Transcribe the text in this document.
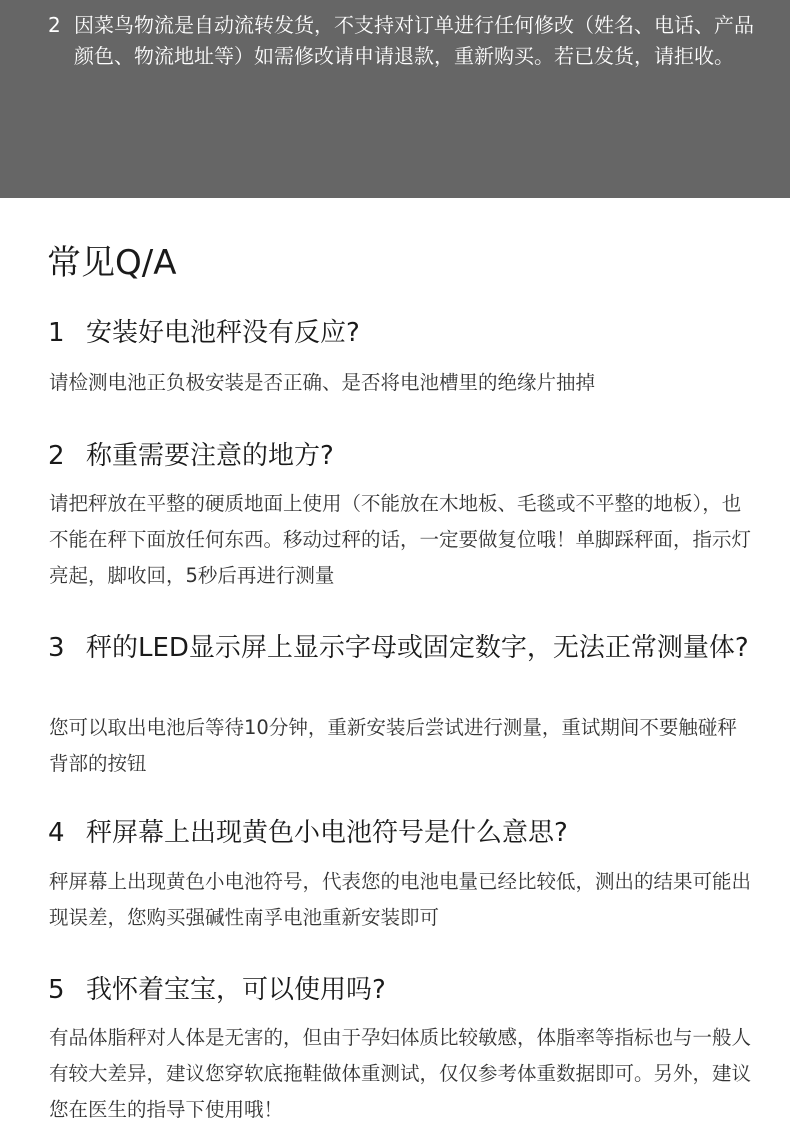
2 因菜鸟物流是自动流转发货，不支持对订单进行任何修改（姓名、电话、产品颜色、物流地址等）如需修改请申请退款，重新购买。若已发货，请拒收。
常见Q/A
1 安装好电池秤没有反应?
请检测电池正负极安装是否正确、是否将电池槽里的绝缘片抽掉
2 称重需要注意的地方?
请把秤放在平整的硬质地面上使用（不能放在木地板、毛毯或不平整的地板），也不能在秤下面放任何东西。移动过秤的话，一定要做复位哦！单脚踩秤面，指示灯亮起，脚收回，5秒后再进行测量
3 秤的LED显示屏上显示字母或固定数字，无法正常测量体?
您可以取出电池后等待10分钟，重新安装后尝试进行测量，重试期间不要触碰秤背部的按钮
4 秤屏幕上出现黄色小电池符号是什么意思?
秤屏幕上出现黄色小电池符号，代表您的电池电量已经比较低，测出的结果可能出现误差，您购买强碱性南孚电池重新安装即可
5 我怀着宝宝，可以使用吗?
有品体脂秤对人体是无害的，但由于孕妇体质比较敏感，体脂率等指标也与一般人有较大差异，建议您穿软底拖鞋做体重测试，仅仅参考体重数据即可。另外，建议您在医生的指导下使用哦！
